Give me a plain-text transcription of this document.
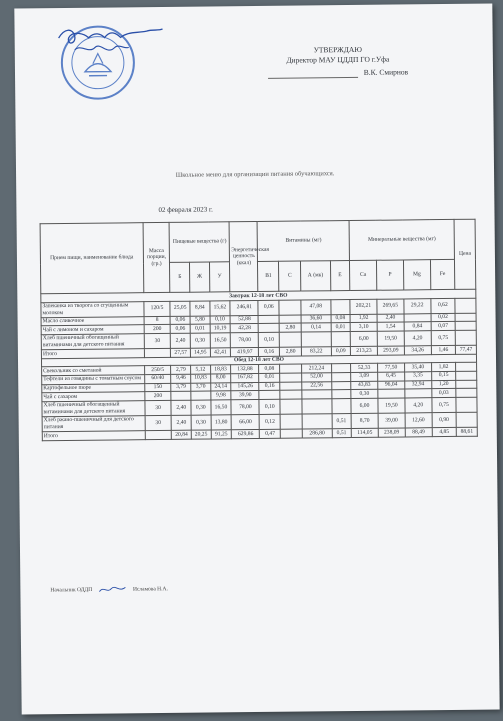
УТВЕРЖДАЮ
Директор МАУ ЦДДП ГО г.Уфа
В.К. Смирнов
Школьное меню для организации питания обучающихся.
02 февраля 2023 г.
Прием пищи, наименование блюда	Масса порции, (гр.)	Пищевые вещества (г)			Энергетическая ценность (ккал)	Витамины (мг)				Минеральные вещества (мг)				Цена
		Б	Ж	У		В1	С	А (мк)	Е	Са	Р	Mg	Fe	
Завтрак 12-18 лет СВО														
Запеканка из творога со сгущенным молоком	120/5	25,05	8,84	15,62	246,81	0,06		47,08		202,21	269,65	29,22	0,62	
Масло сливочное	8	0,06	5,80	0,10	52,88			36,60	0,08	1,92	2,40		0,02	
Чай с лимоном и сахаром	200	0,06	0,01	10,19	42,28		2,80	0,14	0,01	3,10	1,54	0,84	0,07	
Хлеб пшеничный обогащенный витаминами для детского питания	30	2,40	0,30	16,50	78,00	0,10				6,00	19,50	4,20	0,75	
Итого		27,57	14,95	42,41	419,97	0,16	2,80	83,22	0,09	213,23	293,09	34,26	1,46	77,47
Обед 12-18 лет СВО														
Свекольник со сметаной	250/5	2,79	5,12	18,83	132,88	0,08		212,24		52,33	77,50	35,40	1,82	
Тефтели из говядины с томатным соусом	60/40	9,46	10,83	8,00	167,82	0,01		52,00		3,09	6,45	3,35	0,15	
Картофельное пюре	150	3,79	3,70	24,14	145,26	0,16		22,56		43,83	96,04	32,94	1,20	
Чай с сахаром	200			9,98	39,90					0,30			0,03	
Хлеб пшеничный обогащенный витаминами для детского питания	30	2,40	0,30	16,50	78,00	0,10				6,00	19,50	4,20	0,75	
Хлеб ржано-пшеничный для детского питания	30	2,40	0,30	13,80	66,00	0,12			0,51	8,70	39,00	12,60	0,90	
Итого		20,84	20,25	91,25	629,86	0,47		286,80	0,51	114,05	238,09	88,49	4,85	88,61
Начальник ОДДП	Исламова Н.А.
